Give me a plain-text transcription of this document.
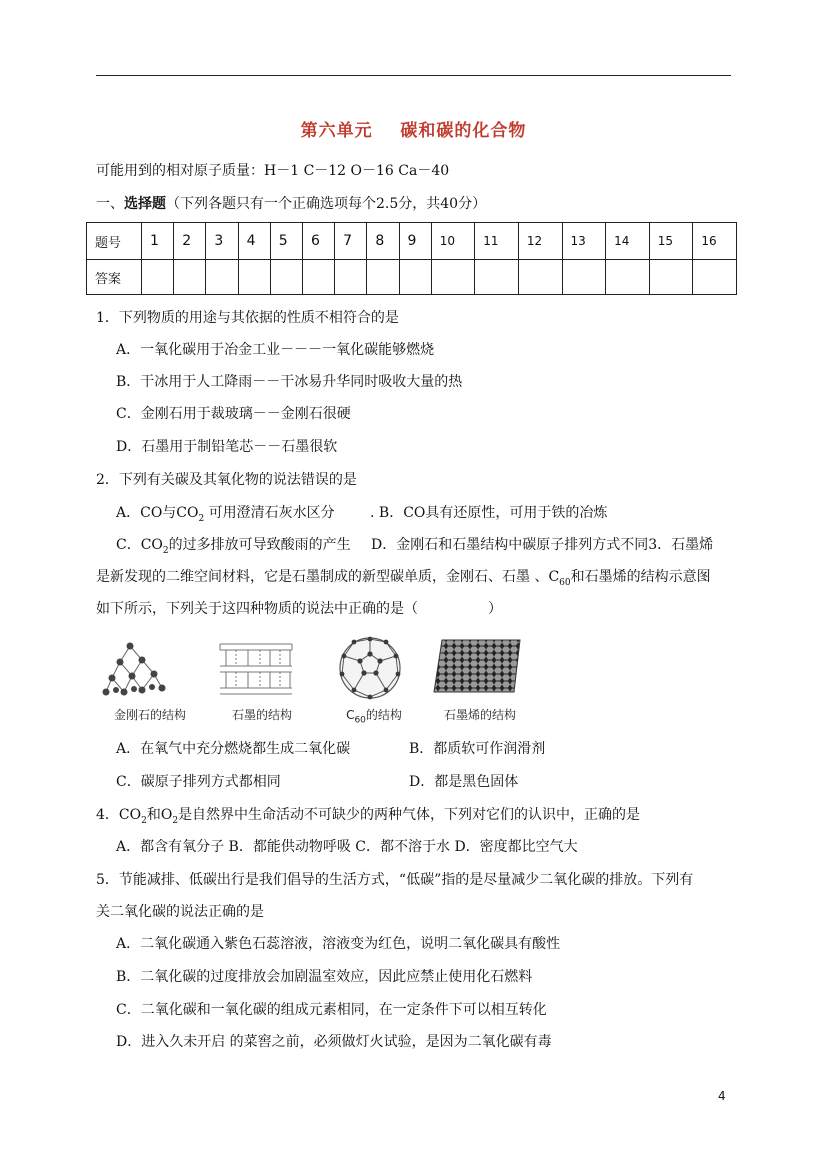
第六单元    碳和碳的化合物
可能用到的相对原子质量：H－1 C－12 O－16 Ca－40
一、选择题（下列各题只有一个正确选项每个2.5分，共40分）
题号	1	2	3	4	5	6	7	8	9	10	11	12	13	14	15	16
答案																
1．下列物质的用途与其依据的性质不相符合的是
A．一氧化碳用于冶金工业－－－一氧化碳能够燃烧
B．干冰用于人工降雨－－干冰易升华同时吸收大量的热
C．金刚石用于裁玻璃－－金刚石很硬
D．石墨用于制铅笔芯－－石墨很软
2．下列有关碳及其氧化物的说法错误的是
A．CO与$CO_2$ 可用澄清石灰水区分	. B．CO具有还原性，可用于铁的冶炼
C．$CO_2$的过多排放可导致酸雨的产生 D．金刚石和石墨结构中碳原子排列方式不同3．石墨烯
是新发现的二维空间材料，它是石墨制成的新型碳单质，金刚石、石墨 、$C_{60}$和石墨烯的结构示意图
如下所示，下列关于这四种物质的说法中正确的是（	）
金刚石的结构	石墨的结构	$C_{60}$的结构	石墨烯的结构
A．在氧气中充分燃烧都生成二氧化碳	B．都质软可作润滑剂
C．碳原子排列方式都相同	D．都是黑色固体
4．$CO_2$和$O_2$是自然界中生命活动不可缺少的两种气体，下列对它们的认识中，正确的是
A．都含有氧分子 B．都能供动物呼吸 C．都不溶于水 D．密度都比空气大
5．节能减排、低碳出行是我们倡导的生活方式，“低碳”指的是尽量减少二氧化碳的排放。下列有
关二氧化碳的说法正确的是
A．二氧化碳通入紫色石蕊溶液，溶液变为红色，说明二氧化碳具有酸性
B．二氧化碳的过度排放会加剧温室效应，因此应禁止使用化石燃料
C．二氧化碳和一氧化碳的组成元素相同，在一定条件下可以相互转化
D．进入久未开启 的菜窖之前，必须做灯火试验，是因为二氧化碳有毒
4
